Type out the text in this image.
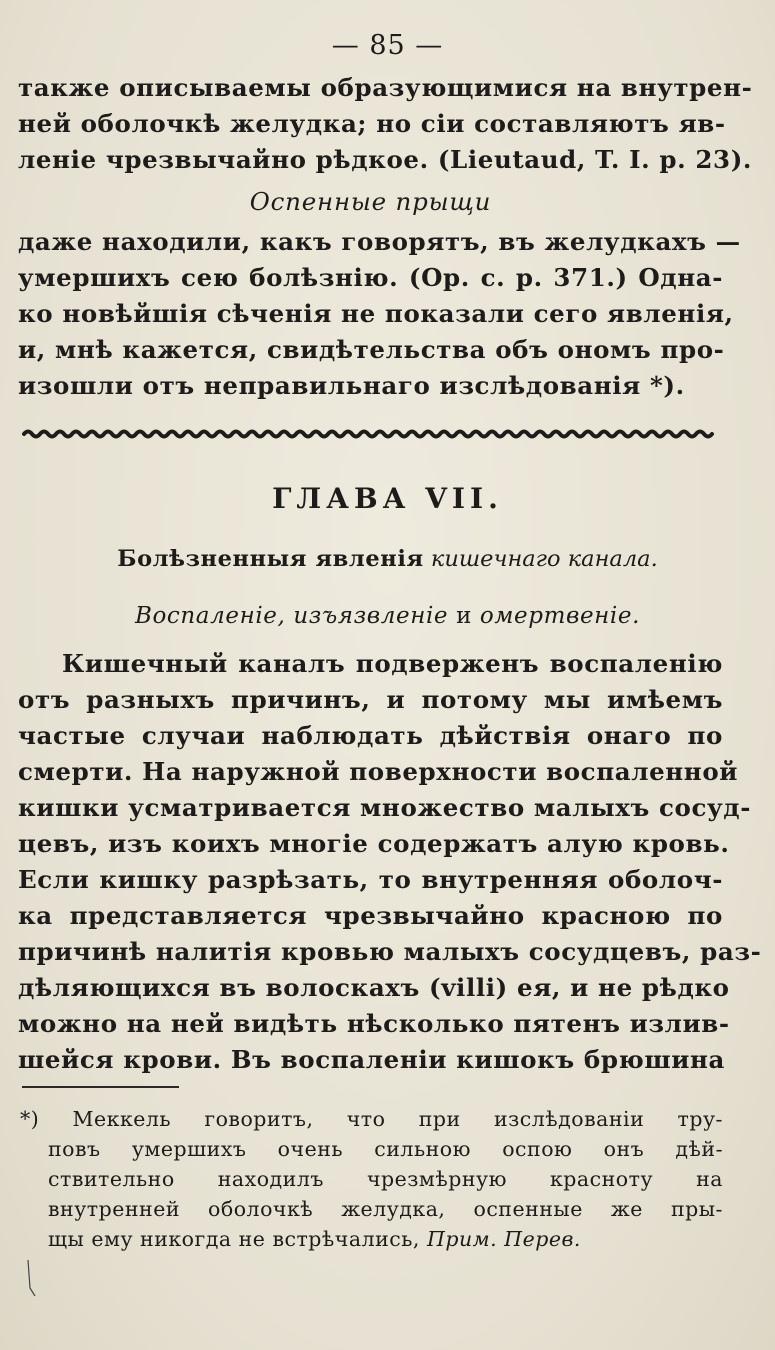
— 85 —
также описываемы образующимися на внутрен-
ней оболочкѣ желудка; но сіи составляютъ яв-
леніе чрезвычайно рѣдкое. (Lieutaud, T. I. p. 23).
Оспенные прыщи
даже находили, какъ говорятъ, въ желудкахъ —
умершихъ сею болѣзнію. (Op. c. p. 371.) Одна-
ко новѣйшія сѣченія не показали сего явленія,
и, мнѣ кажется, свидѣтельства объ ономъ про-
изошли отъ неправильнаго изслѣдованія *).
ГЛАВА VII.
Болѣзненныя явленія кишечнаго канала.
Воспаленіе, изъязвленіе и омертвеніе.
Кишечный каналъ подверженъ воспаленію
отъ разныхъ причинъ, и потому мы имѣемъ
частые случаи наблюдать дѣйствія онаго по
смерти. На наружной поверхности воспаленной
кишки усматривается множество малыхъ сосуд-
цевъ, изъ коихъ многіе содержатъ алую кровь.
Если кишку разрѣзать, то внутренняя оболоч-
ка представляется чрезвычайно красною по
причинѣ налитія кровью малыхъ сосудцевъ, раз-
дѣляющихся въ волоскахъ (villi) ея, и не рѣдко
можно на ней видѣть нѣсколько пятенъ излив-
шейся крови. Въ воспаленіи кишокъ брюшина
*) Меккель говоритъ, что при изслѣдованіи тру-
повъ умершихъ очень сильною оспою онъ дѣй-
ствительно находилъ чрезмѣрную красноту на
внутренней оболочкѣ желудка, оспенные же пры-
щы ему никогда не встрѣчались, Прим. Перев.
